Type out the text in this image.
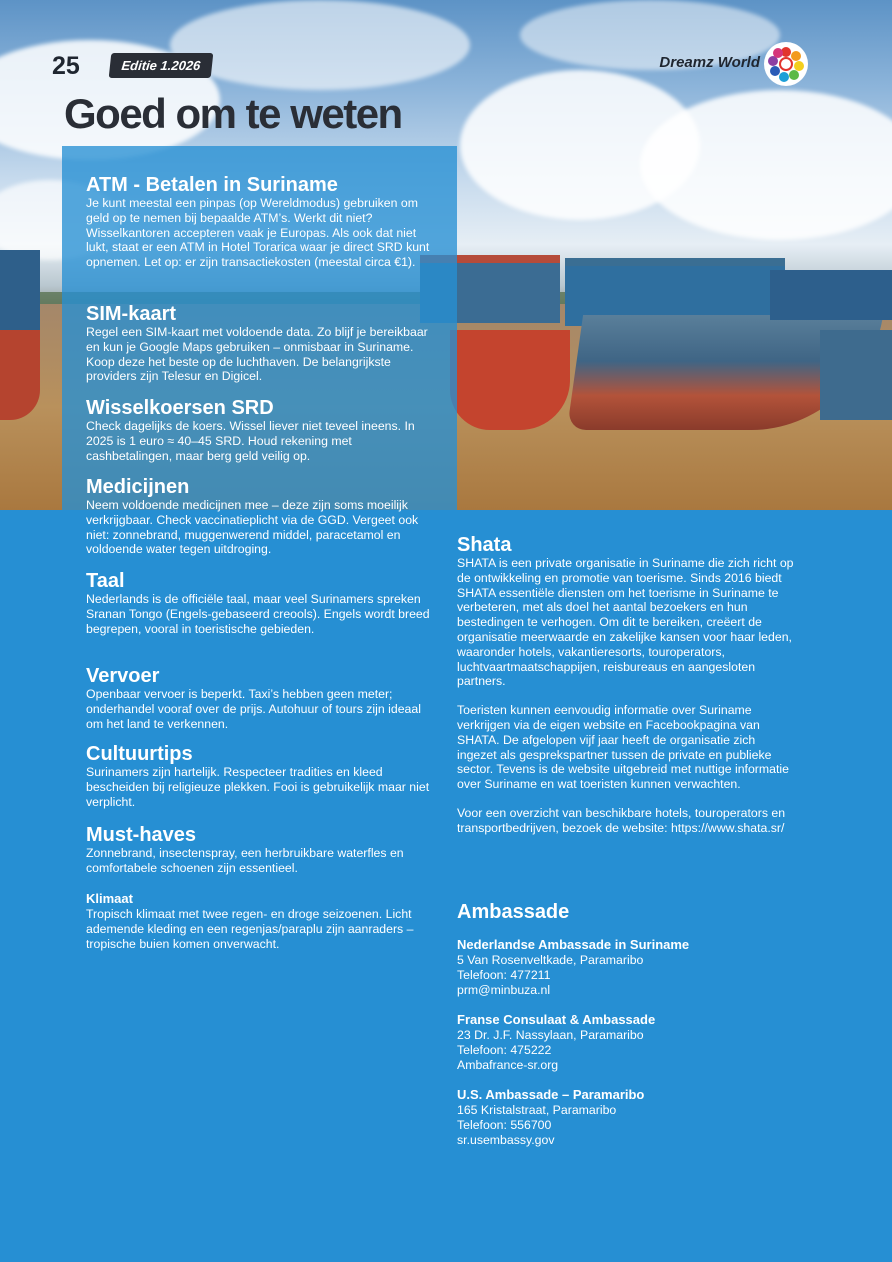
25	Editie 1.2026	Dreamz World
Goed om te weten
ATM - Betalen in Suriname

Je kunt meestal een pinpas (op Wereldmodus) gebruiken om geld op te nemen bij bepaalde ATM’s. Werkt dit niet? Wisselkantoren accepteren vaak je Europas. Als ook dat niet lukt, staat er een ATM in Hotel Torarica waar je direct SRD kunt opnemen. Let op: er zijn transactiekosten (meestal circa €1).

SIM-kaart

Regel een SIM-kaart met voldoende data. Zo blijf je bereikbaar en kun je Google Maps gebruiken – onmisbaar in Suriname. Koop deze het beste op de luchthaven. De belangrijkste providers zijn Telesur en Digicel.

Wisselkoersen SRD

Check dagelijks de koers. Wissel liever niet teveel ineens. In 2025 is 1 euro ≈ 40–45 SRD. Houd rekening met cashbetalingen, maar berg geld veilig op.

Medicijnen

Neem voldoende medicijnen mee – deze zijn soms moeilijk verkrijgbaar. Check vaccinatieplicht via de GGD. Vergeet ook niet: zonnebrand, muggenwerend middel, paracetamol en voldoende water tegen uitdroging.

Taal

Nederlands is de officiële taal, maar veel Surinamers spreken Sranan Tongo (Engels-gebaseerd creools). Engels wordt breed begrepen, vooral in toeristische gebieden.

Vervoer

Openbaar vervoer is beperkt. Taxi’s hebben geen meter; onderhandel vooraf over de prijs. Autohuur of tours zijn ideaal om het land te verkennen.

Cultuurtips

Surinamers zijn hartelijk. Respecteer tradities en kleed bescheiden bij religieuze plekken. Fooi is gebruikelijk maar niet verplicht.

Must-haves

Zonnebrand, insectenspray, een herbruikbare waterfles en comfortabele schoenen zijn essentieel.

Klimaat

Tropisch klimaat met twee regen- en droge seizoenen. Licht ademende kleding en een regenjas/paraplu zijn aanraders – tropische buien komen onverwacht.

Shata

SHATA is een private organisatie in Suriname die zich richt op de ontwikkeling en promotie van toerisme. Sinds 2016 biedt SHATA essentiële diensten om het toerisme in Suriname te verbeteren, met als doel het aantal bezoekers en hun bestedingen te verhogen. Om dit te bereiken, creëert de organisatie meerwaarde en zakelijke kansen voor haar leden, waaronder hotels, vakantieresorts, touroperators, luchtvaartmaatschappijen, reisbureaus en aangesloten partners.

Toeristen kunnen eenvoudig informatie over Suriname verkrijgen via de eigen website en Facebookpagina van SHATA. De afgelopen vijf jaar heeft de organisatie zich ingezet als gesprekspartner tussen de private en publieke sector. Tevens is de website uitgebreid met nuttige informatie over Suriname en wat toeristen kunnen verwachten.

Voor een overzicht van beschikbare hotels, touroperators en transportbedrijven, bezoek de website: https://www.shata.sr/

Ambassade
Nederlandse Ambassade in Suriname
5 Van Rosenveltkade, Paramaribo
Telefoon: 477211
prm@minbuza.nl
Franse Consulaat & Ambassade
23 Dr. J.F. Nassylaan, Paramaribo
Telefoon: 475222
Ambafrance-sr.org
U.S. Ambassade – Paramaribo
165 Kristalstraat, Paramaribo
Telefoon: 556700
sr.usembassy.gov
